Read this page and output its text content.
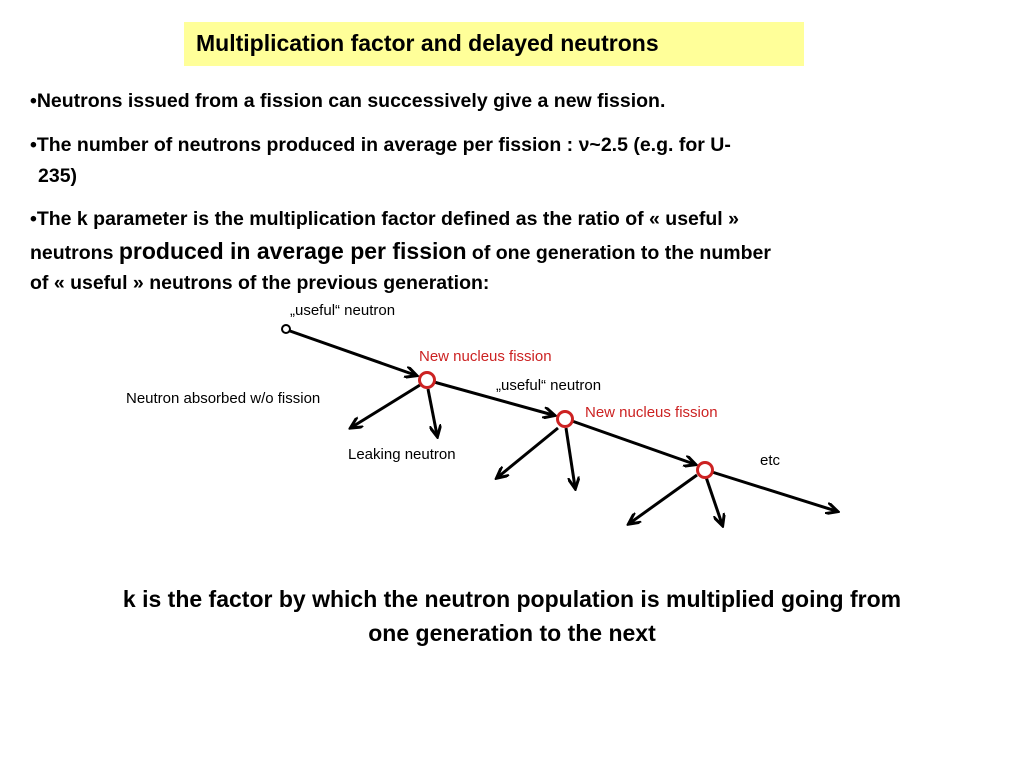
Multiplication factor and delayed neutrons
•Neutrons issued from a fission can successively give a new fission.
•The number of neutrons produced in average per fission : ν~2.5 (e.g. for U-
235)
•The k parameter is the multiplication factor defined as the ratio of « useful »
neutrons produced in average per fission of one generation to the number
of « useful » neutrons of the previous generation:
„useful“ neutron
New nucleus fission
„useful“ neutron
New nucleus fission
Neutron absorbed w/o fission
Leaking neutron	etc
k is the factor by which the neutron population is multiplied going from
one generation to the next
